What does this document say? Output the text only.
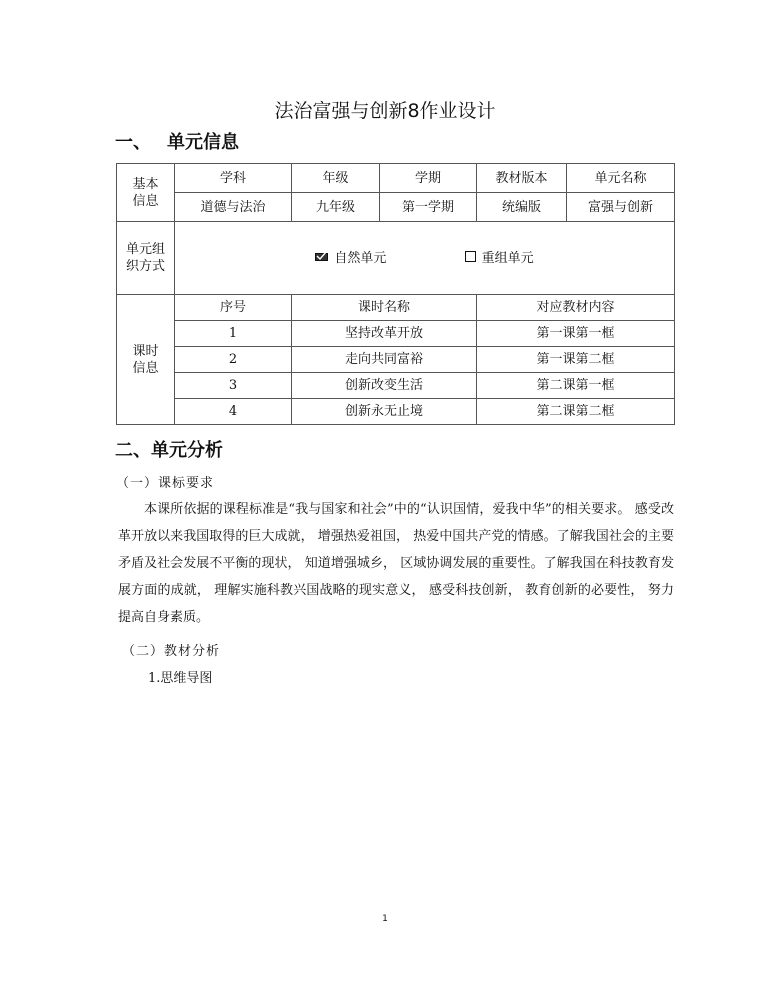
法治富强与创新8作业设计
一、 单元信息
基本
信息	学科	年级	学期	教材版本	单元名称
	道德与法治	九年级	第一学期	统编版	富强与创新
单元组
织方式	自然单元 重组单元				
课时
信息	序号	课时名称		对应教材内容	
	1	坚持改革开放		第一课第一框	
	2	走向共同富裕		第一课第二框	
	3	创新改变生活		第二课第一框	
	4	创新永无止境		第二课第二框	
二、单元分析
（一）课标要求
本课所依据的课程标准是“我与国家和社会”中的“认识国情，爱我中华”的相关要求。 感受改革开放以来我国取得的巨大成就， 增强热爱祖国， 热爱中国共产党的情感。了解我国社会的主要矛盾及社会发展不平衡的现状， 知道增强城乡， 区域协调发展的重要性。了解我国在科技教育发展方面的成就， 理解实施科教兴国战略的现实意义， 感受科技创新， 教育创新的必要性， 努力提高自身素质。
（二）教材分析
1.思维导图
1
